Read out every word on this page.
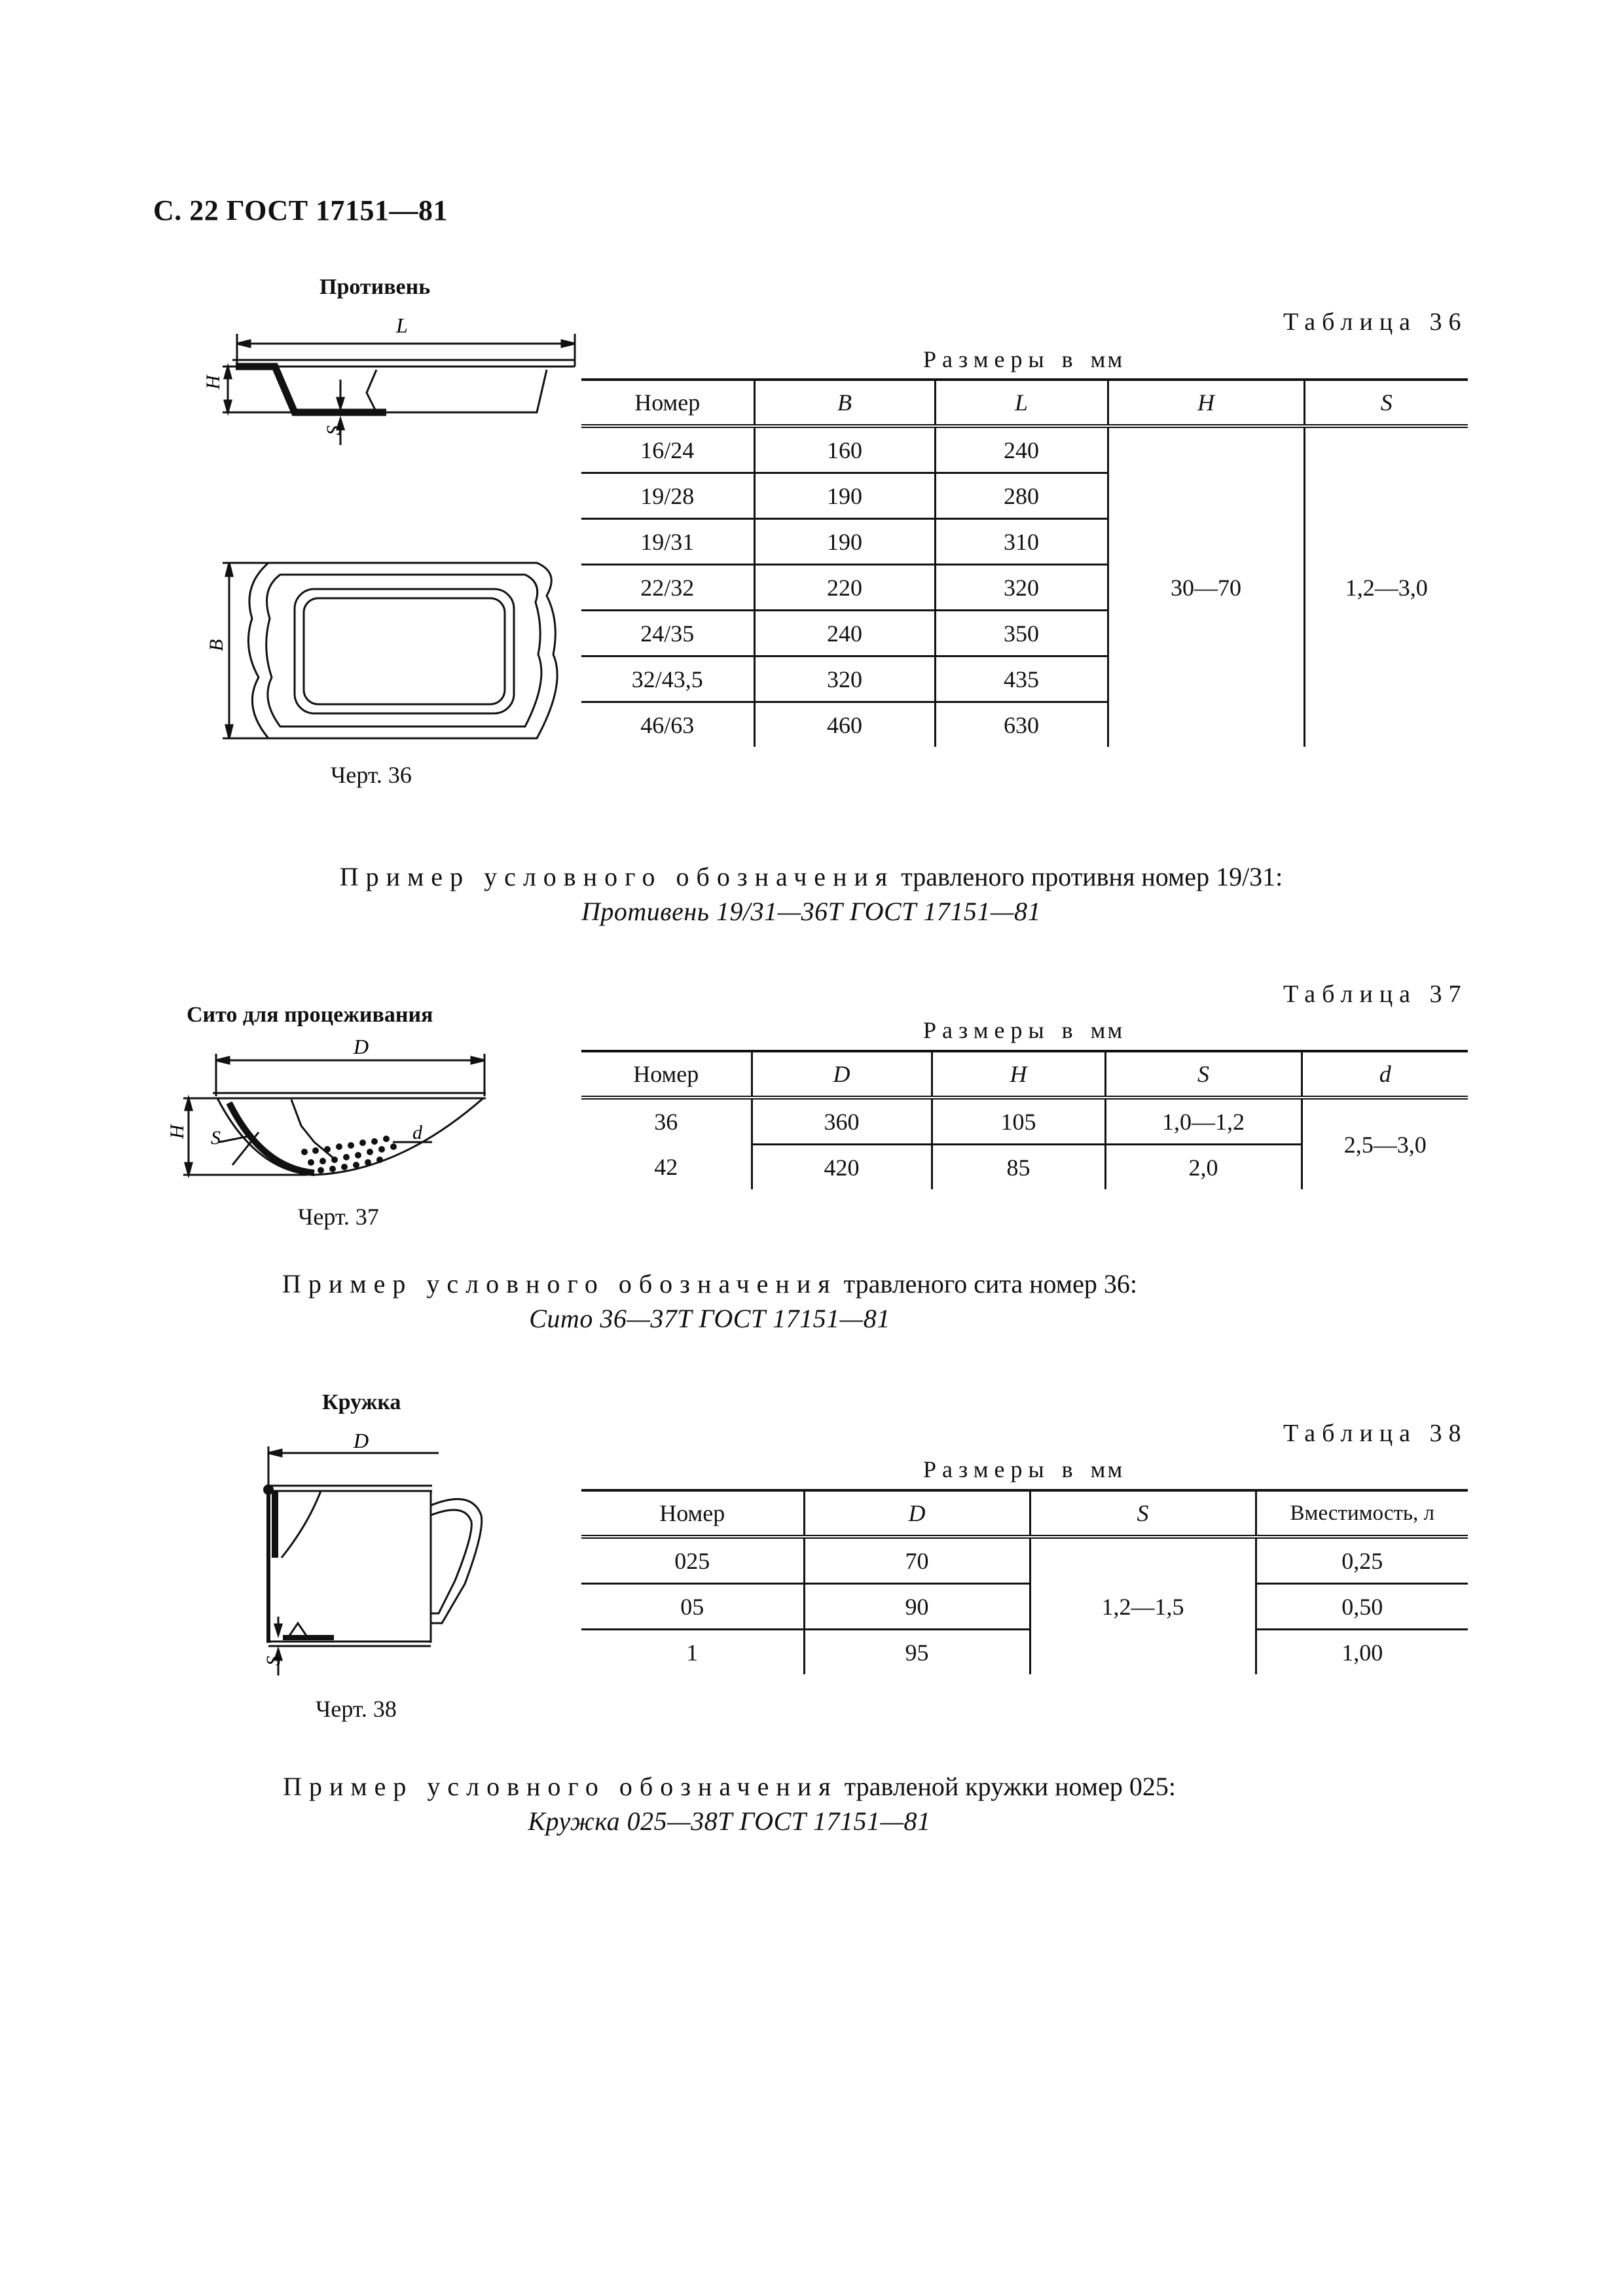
С. 22 ГОСТ 17151—81
Противень
L
H
S
B
Черт. 36
Таблица 36
Размеры в мм
Номер	B	L	H	S
16/24	160	240	30—70	1,2—3,0
19/28	190	280		
19/31	190	310		
22/32	220	320		
24/35	240	350		
32/43,5	320	435		
46/63	460	630		
Пример условного обозначения травленого противня номер 19/31:
Противень 19/31—36Т ГОСТ 17151—81
Сито для процеживания
D
H S	d
Черт. 37
Таблица 37
Размеры в мм
Номер	D	H	S	d
36	360	105	1,0—1,2	2,5—3,0
42	420	85	2,0	
Пример условного обозначения травленого сита номер 36:
Сито 36—37Т ГОСТ 17151—81
Кружка
D
S
Черт. 38
Таблица 38
Размеры в мм
Номер	D	S	Вместимость, л
025	70	1,2—1,5	0,25
05	90		0,50
1	95		1,00
Пример условного обозначения травленой кружки номер 025:
Кружка 025—38Т ГОСТ 17151—81
